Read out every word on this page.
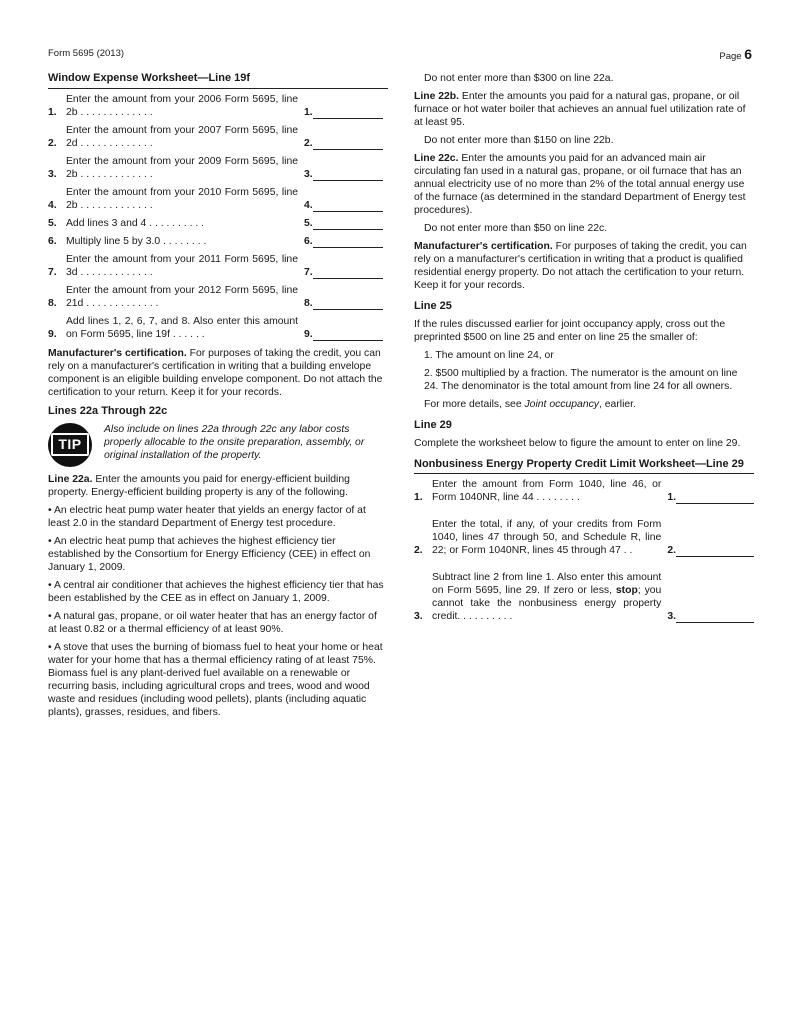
Form 5695 (2013)	Page 6
Window Expense Worksheet—Line 19f
1.
Enter the amount from your 2006 Form 5695, line 2b . . . . . . . . . . . . .	1.
2.
Enter the amount from your 2007 Form 5695, line 2d . . . . . . . . . . . . .	2.
3.
Enter the amount from your 2009 Form 5695, line 2b . . . . . . . . . . . . .	3.
4.
Enter the amount from your 2010 Form 5695, line 2b . . . . . . . . . . . . .	4.
5. Add lines 3 and 4 . . . . . . . . . .	5.
6. Multiply line 5 by 3.0 . . . . . . . .	6.
7.
Enter the amount from your 2011 Form 5695, line 3d . . . . . . . . . . . . .	7.
8.
Enter the amount from your 2012 Form 5695, line 21d . . . . . . . . . . . . .	8.
9.
Add lines 1, 2, 6, 7, and 8. Also enter this amount on Form 5695, line 19f . . . . . .	9.

Manufacturer's certification. For purposes of taking the credit, you can rely on a manufacturer's certification in writing that a building envelope component is an eligible building envelope component. Do not attach the certification to your return. Keep it for your records.

Lines 22a Through 22c
TIP
Also include on lines 22a through 22c any labor costs properly allocable to the onsite preparation, assembly, or original installation of the property.

Line 22a. Enter the amounts you paid for energy-efficient building property. Energy-efficient building property is any of the following.

• An electric heat pump water heater that yields an energy factor of at least 2.0 in the standard Department of Energy test procedure.

• An electric heat pump that achieves the highest efficiency tier established by the Consortium for Energy Efficiency (CEE) in effect on January 1, 2009.

• A central air conditioner that achieves the highest efficiency tier that has been established by the CEE as in effect on January 1, 2009.

• A natural gas, propane, or oil water heater that has an energy factor of at least 0.82 or a thermal efficiency of at least 90%.

• A stove that uses the burning of biomass fuel to heat your home or heat water for your home that has a thermal efficiency rating of at least 75%. Biomass fuel is any plant-derived fuel available on a renewable or recurring basis, including agricultural crops and trees, wood and wood waste and residues (including wood pellets), plants (including aquatic plants), grasses, residues, and fibers.

Do not enter more than $300 on line 22a.

Line 22b. Enter the amounts you paid for a natural gas, propane, or oil furnace or hot water boiler that achieves an annual fuel utilization rate of at least 95.

Do not enter more than $150 on line 22b.

Line 22c. Enter the amounts you paid for an advanced main air circulating fan used in a natural gas, propane, or oil furnace that has an annual electricity use of no more than 2% of the total annual energy use of the furnace (as determined in the standard Department of Energy test procedures).

Do not enter more than $50 on line 22c.

Manufacturer's certification. For purposes of taking the credit, you can rely on a manufacturer's certification in writing that a product is qualified residential energy property. Do not attach the certification to your return. Keep it for your records.

Line 25

If the rules discussed earlier for joint occupancy apply, cross out the preprinted $500 on line 25 and enter on line 25 the smaller of:

1. The amount on line 24, or

2. $500 multiplied by a fraction. The numerator is the amount on line 24. The denominator is the total amount from line 24 for all owners.

For more details, see Joint occupancy, earlier.

Line 29

Complete the worksheet below to figure the amount to enter on line 29.

Nonbusiness Energy Property Credit Limit Worksheet—Line 29
1.
Enter the amount from Form 1040, line 46, or Form 1040NR, line 44 . . . . . . . .	1.
2.
Enter the total, if any, of your credits from Form 1040, lines 47 through 50, and Schedule R, line 22; or Form 1040NR, lines 45 through 47 . .	2.
3.
Subtract line 2 from line 1. Also enter this amount on Form 5695, line 29. If zero or less, stop; you cannot take the nonbusiness energy property credit. . . . . . . . . .	3.
